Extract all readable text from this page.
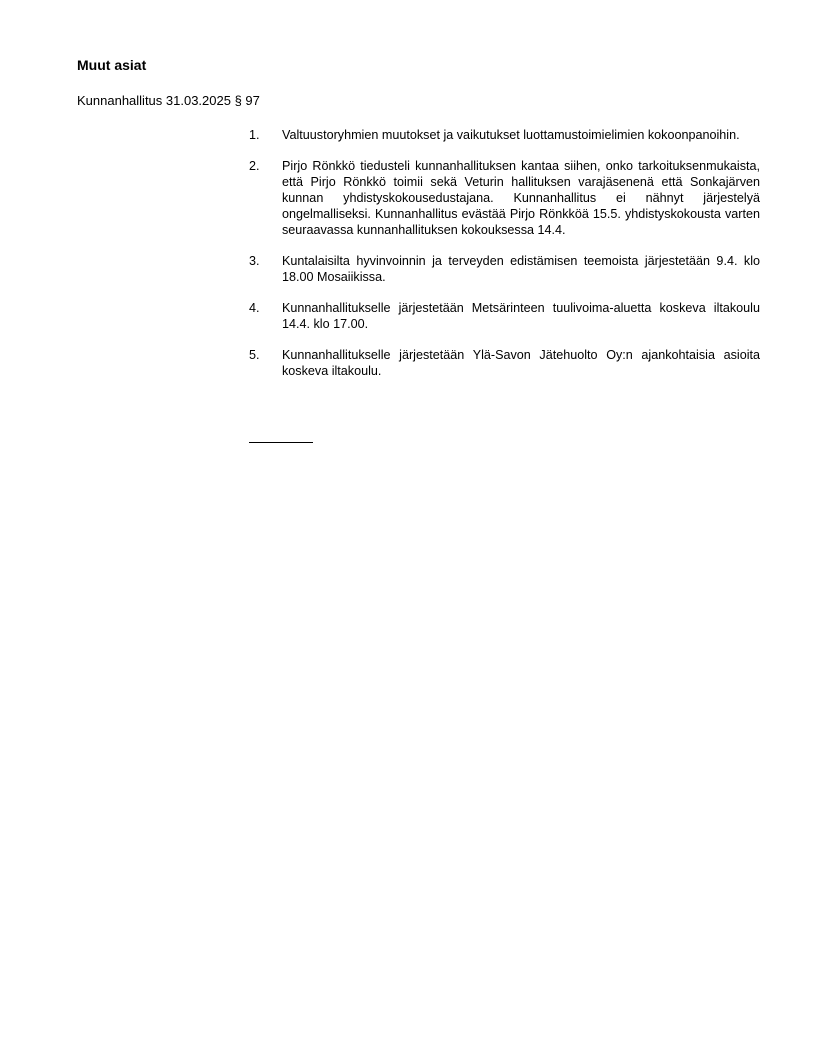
Muut asiat
Kunnanhallitus 31.03.2025 § 97
1.	Valtuustoryhmien muutokset ja vaikutukset luottamustoimielimien kokoonpanoihin.
2.	Pirjo Rönkkö tiedusteli kunnanhallituksen kantaa siihen, onko tarkoituksenmukaista, että Pirjo Rönkkö toimii sekä Veturin hallituksen varajäsenenä että Sonkajärven kunnan yhdistyskokousedustajana. Kunnanhallitus ei nähnyt järjestelyä ongelmalliseksi. Kunnanhallitus evästää Pirjo Rönkköä 15.5. yhdistyskokousta varten seuraavassa kunnanhallituksen kokouksessa 14.4.
3.	Kuntalaisilta hyvinvoinnin ja terveyden edistämisen teemoista järjestetään 9.4. klo 18.00 Mosaiikissa.
4.	Kunnanhallitukselle järjestetään Metsärinteen tuulivoima-aluetta koskeva iltakoulu 14.4. klo 17.00.
5.	Kunnanhallitukselle järjestetään Ylä-Savon Jätehuolto Oy:n ajankohtaisia asioita koskeva iltakoulu.
